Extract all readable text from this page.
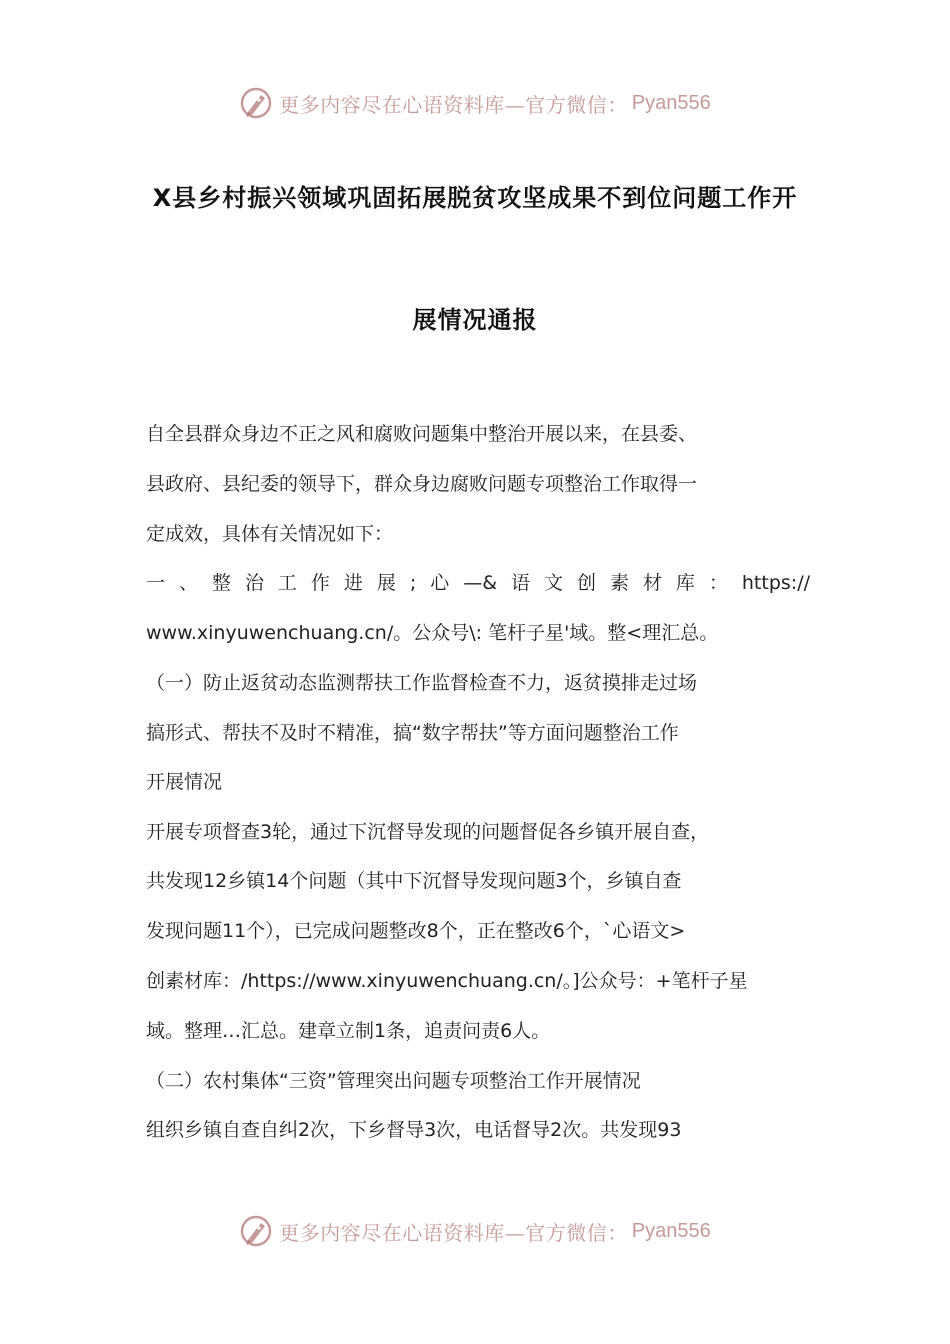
更多内容尽在心语资料库—官方微信： Pyan556
X县乡村振兴领域巩固拓展脱贫攻坚成果不到位问题工作开
展情况通报
自全县群众身边不正之风和腐败问题集中整治开展以来，在县委、
县政府、县纪委的领导下，群众身边腐败问题专项整治工作取得一
定成效，具体有关情况如下：
一、整治工作进展;心—&语文创素材库：https://
www.xinyuwenchuang.cn/。公众号\: 笔杆子星'域。整<理汇总。
（一）防止返贫动态监测帮扶工作监督检查不力，返贫摸排走过场
搞形式、帮扶不及时不精准，搞“数字帮扶”等方面问题整治工作
开展情况
开展专项督查3轮，通过下沉督导发现的问题督促各乡镇开展自查，
共发现12乡镇14个问题（其中下沉督导发现问题3个，乡镇自查
发现问题11个），已完成问题整改8个，正在整改6个，`心语文>
创素材库：/https://www.xinyuwenchuang.cn/。]公众号：+笔杆子星
域。整理…汇总。建章立制1条，追责问责6人。
（二）农村集体“三资”管理突出问题专项整治工作开展情况
组织乡镇自查自纠2次，下乡督导3次，电话督导2次。共发现93
更多内容尽在心语资料库—官方微信： Pyan556
